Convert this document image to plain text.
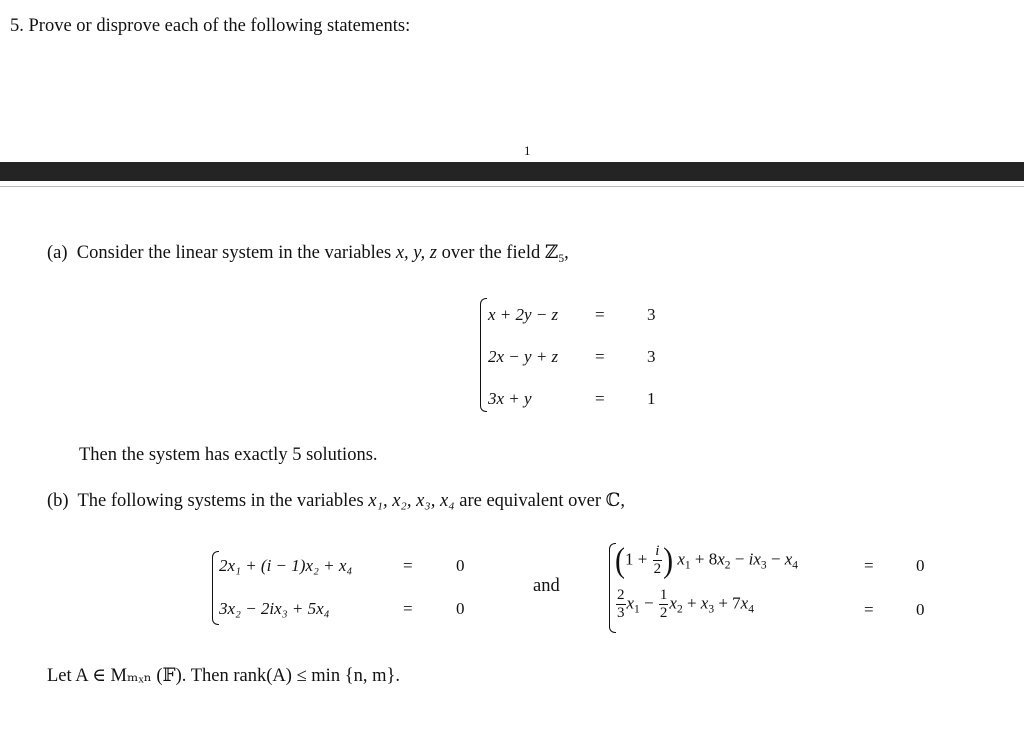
5. Prove or disprove each of the following statements:
1
(a) Consider the linear system in the variables x, y, z over the field ℤ$_5$,
x + 2y − z = 3
2x − y + z = 3
3x + y	= 1
Then the system has exactly 5 solutions.
(b) The following systems in the variables x₁, x₂, x₃, x₄ are equivalent over ℂ,
2x₁ + (i − 1)x₂ + x₄	=	0
3x₂ − 2ix₃ + 5x₄	=	0
and
($1 + \frac{i}{2}$ ) $x_1 + 8x_2 - ix_3 - x_4$	= 0
$\frac{2}{3} x_1 - \frac{1}{2} x_2 + x_3 + 7x_4$	= 0
Let A ∈ Mₘₓₙ (𝔽). Then rank(A) ≤ min {n, m}.
